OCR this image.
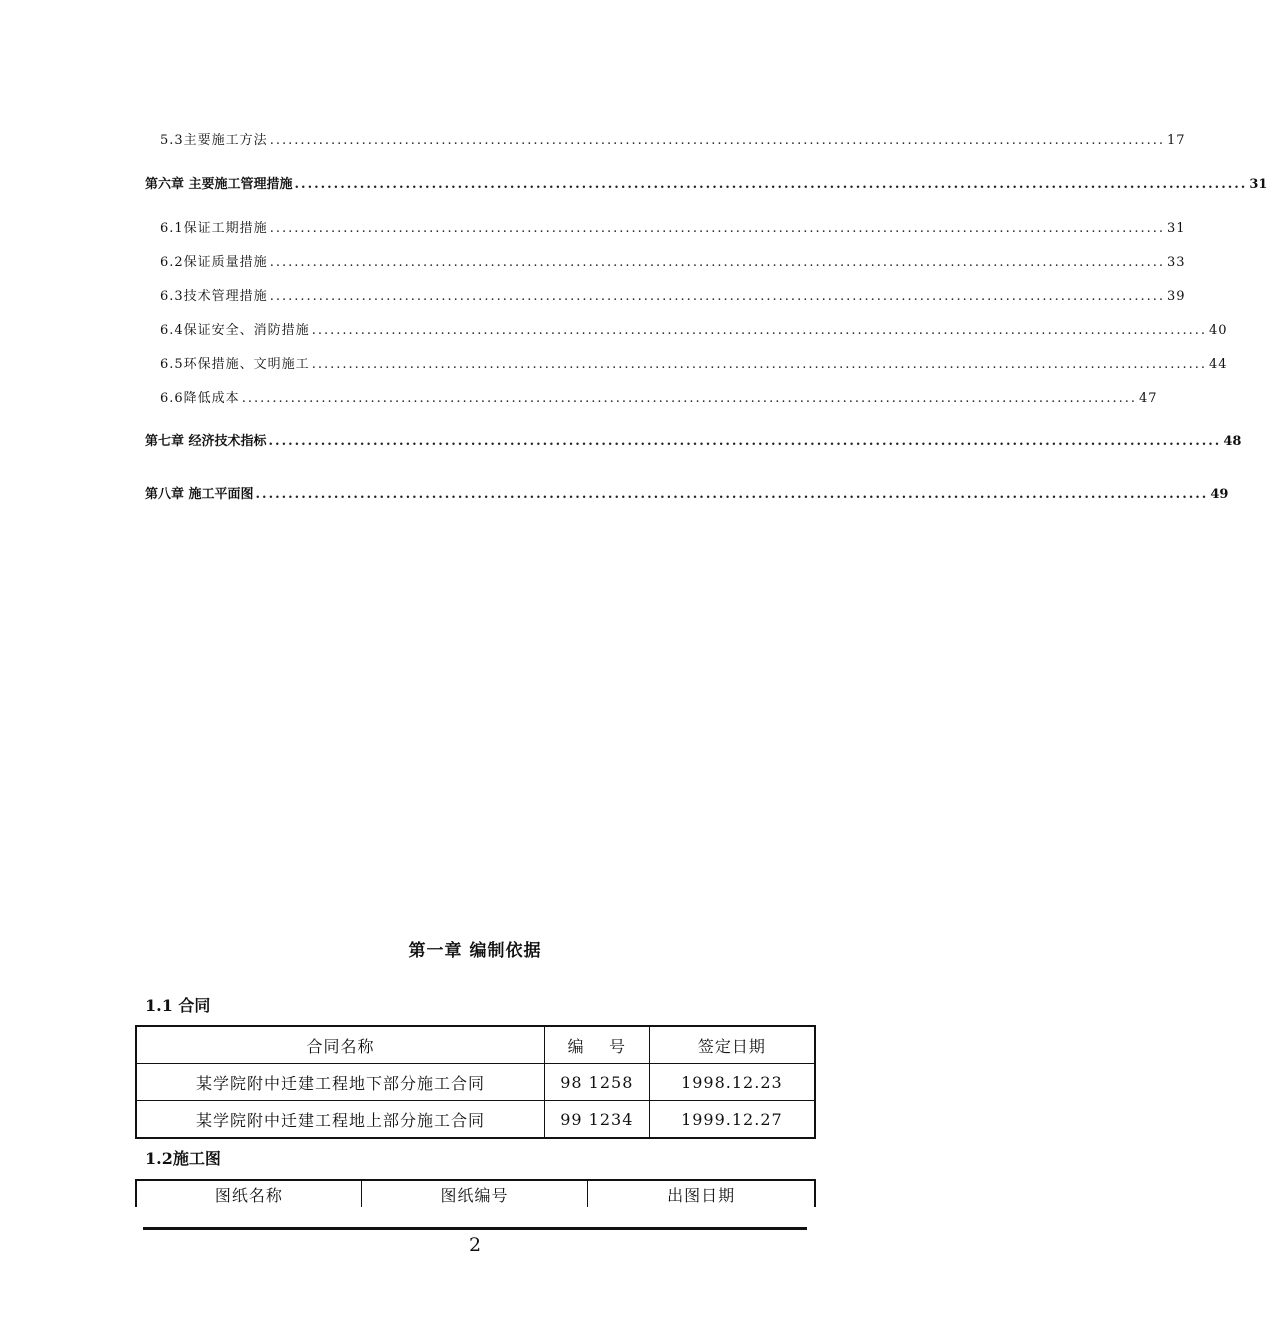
5.3主要施工方法 .................................................................................................................................................. 17
第六章 主要施工管理措施 .................................................................................................................................................. 31
6.1保证工期措施 .................................................................................................................................................. 31
6.2保证质量措施 .................................................................................................................................................. 33
6.3技术管理措施 .................................................................................................................................................. 39
6.4保证安全、消防措施 .................................................................................................................................................. 40
6.5环保措施、文明施工 .................................................................................................................................................. 44
6.6降低成本 .................................................................................................................................................. 47
第七章 经济技术指标 .................................................................................................................................................. 48
第八章 施工平面图 .................................................................................................................................................. 49
第一章 编制依据
1.1 合同
合同名称	编    号	签定日期
某学院附中迁建工程地下部分施工合同	98 1258	1998.12.23
某学院附中迁建工程地上部分施工合同	99 1234	1999.12.27
1.2施工图
图纸名称	图纸编号	出图日期
2
